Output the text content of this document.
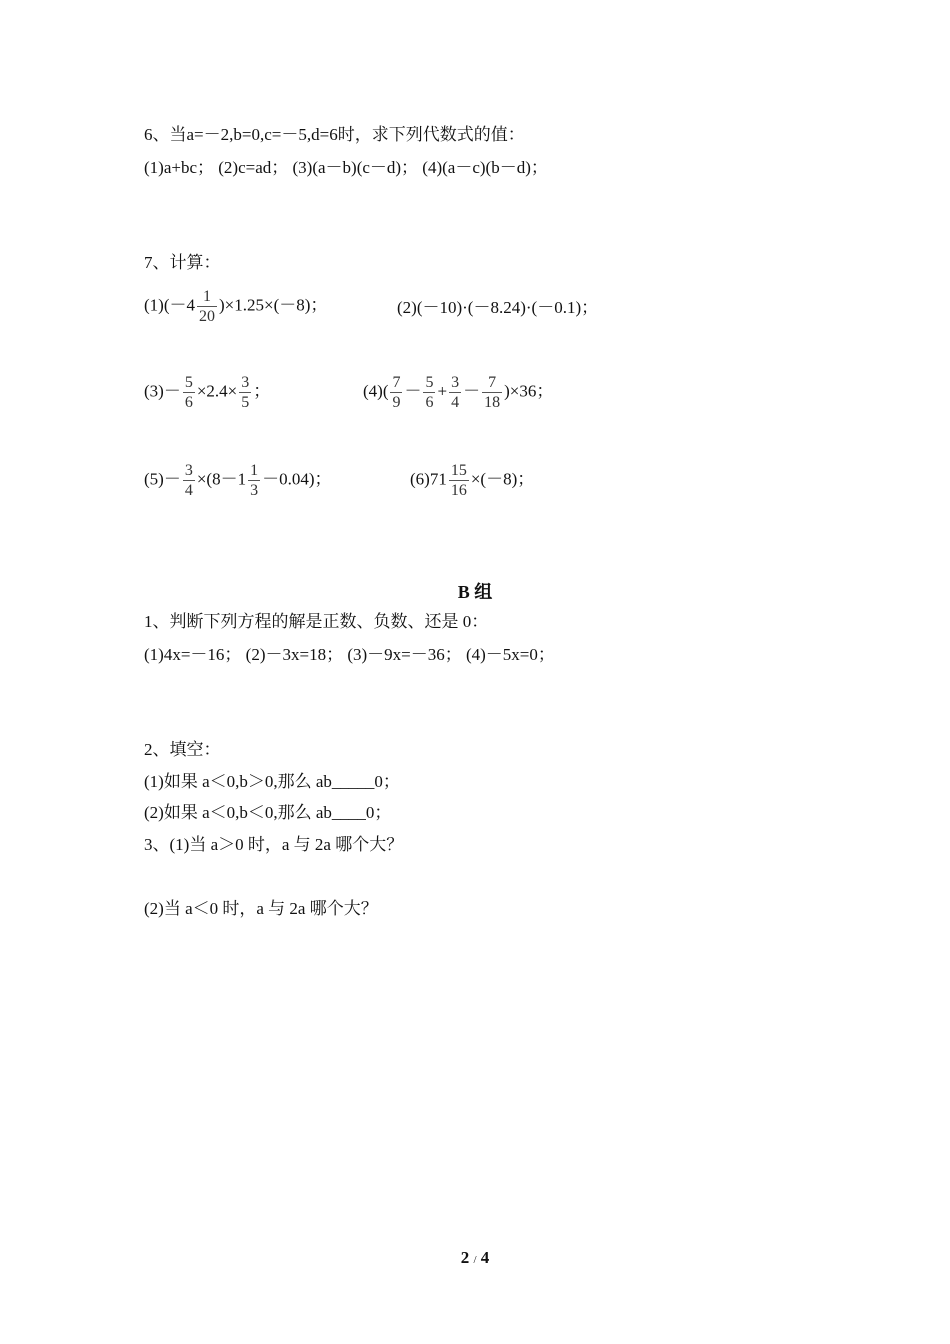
6、当a=－2,b=0,c=－5,d=6时，求下列代数式的值：
(1)a+bc； (2)c=ad； (3)(a－b)(c－d)； (4)(a－c)(b－d)；
7、计算：
$(1)(-4 \frac{1}{20} )\times 1.25\times(-8)$；	(2)(－10)·(－8.24)·(－0.1)；
$(3)- \frac{5}{6} \times 2.4\times \frac{3}{5}$ ；	$(4)( \frac{7}{9} - \frac{5}{6} + \frac{3}{4} - \frac{7}{18} )\times 36$；
$(5)- \frac{3}{4} \times(8-1 \frac{1}{3} -0.04)$；	$(6)71 \frac{15}{16} \times(-8)$；
B 组
1、判断下列方程的解是正数、负数、还是 0：
(1)4x=－16； (2)－3x=18； (3)－9x=－36； (4)－5x=0；
2、填空：
(1)如果 a＜0,b＞0,那么 ab_____0；
(2)如果 a＜0,b＜0,那么 ab____0；
3、(1)当 a＞0 时，a 与 2a 哪个大？
(2)当 a＜0 时，a 与 2a 哪个大？
2 / 4
